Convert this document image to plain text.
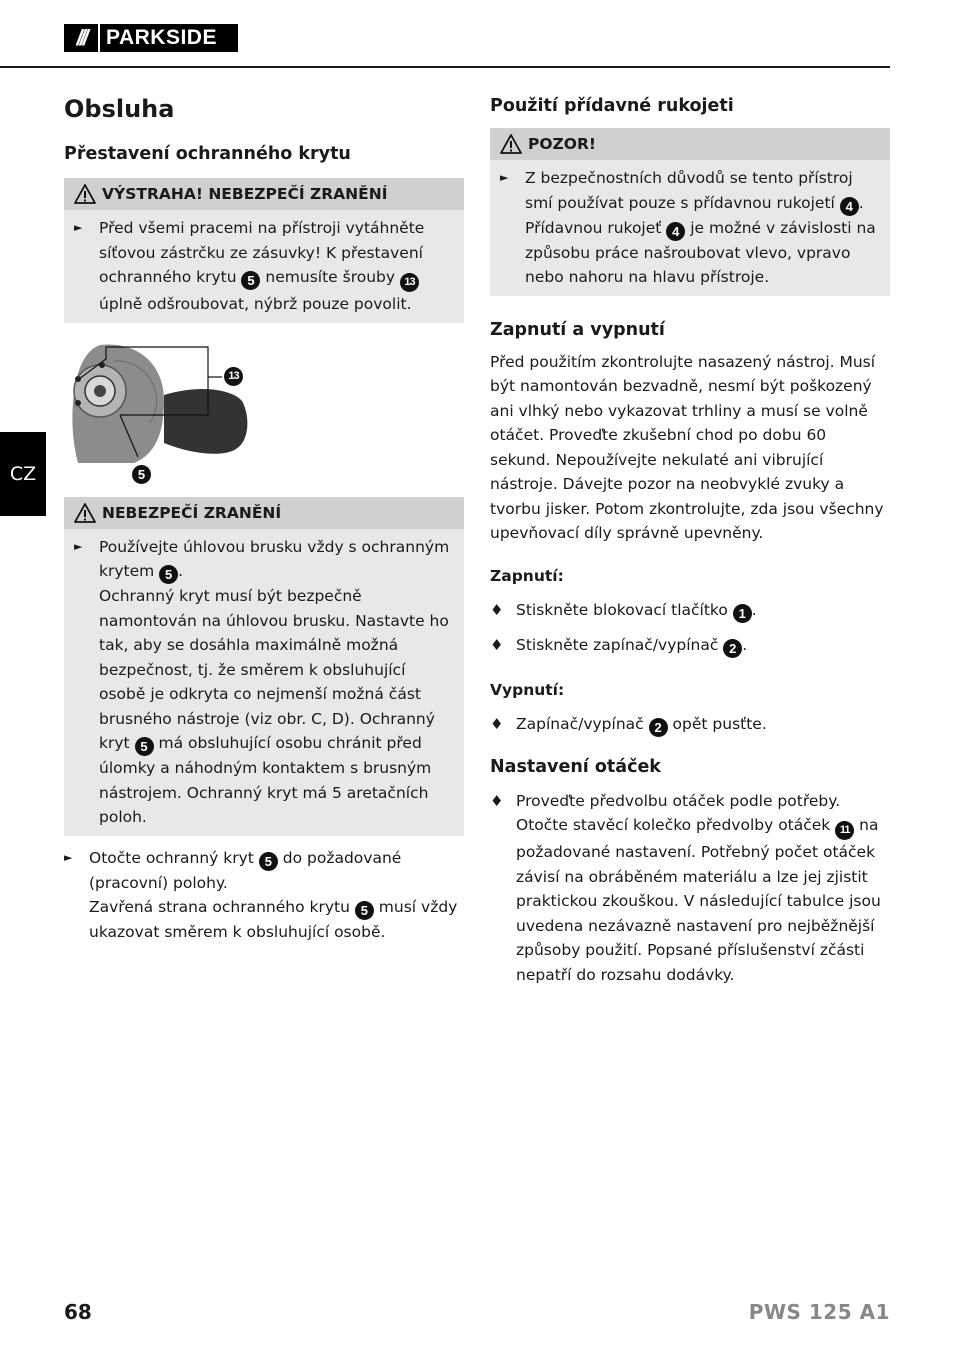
/// PARKSIDE
CZ
Obsluha
Přestavení ochranného krytu
VÝSTRAHA! NEBEZPEČÍ ZRANĚNÍ
►	Před všemi pracemi na přístroji vytáhněte síťovou zástrčku ze zásuvky! K přestavení ochranného krytu 5 nemusíte šrouby 13 úplně odšroubovat, nýbrž pouze povolit.
13
5
NEBEZPEČÍ ZRANĚNÍ
►	Používejte úhlovou brusku vždy s ochranným krytem 5 .
Ochranný kryt musí být bezpečně namontován na úhlovou brusku. Nastavte ho tak, aby se dosáhla maximálně možná bezpečnost, tj. že směrem k obsluhující osobě je odkryta co nejmenší možná část brusného nástroje (viz obr. C, D). Ochranný kryt 5 má obsluhující osobu chránit před úlomky a náhodným kontaktem s brusným nástrojem. Ochranný kryt má 5 aretačních poloh.
►	Otočte ochranný kryt 5 do požadované (pracovní) polohy.
Zavřená strana ochranného krytu 5 musí vždy ukazovat směrem k obsluhující osobě.
Použití přídavné rukojeti
POZOR!
►	Z bezpečnostních důvodů se tento přístroj smí používat pouze s přídavnou rukojetí 4 . Přídavnou rukojeť 4 je možné v závislosti na způsobu práce našroubovat vlevo, vpravo nebo nahoru na hlavu přístroje.
Zapnutí a vypnutí

Před použitím zkontrolujte nasazený nástroj. Musí být namontován bezvadně, nesmí být poškozený ani vlhký nebo vykazovat trhliny a musí se volně otáčet. Proveďte zkušební chod po dobu 60 sekund. Nepoužívejte nekulaté ani vibrující nástroje. Dávejte pozor na neobvyklé zvuky a tvorbu jisker. Potom zkontrolujte, zda jsou všechny upevňovací díly správně upevněny.

Zapnutí:
♦ Stiskněte blokovací tlačítko 1 .
♦ Stiskněte zapínač/vypínač 2 .
Vypnutí:
♦ Zapínač/vypínač 2 opět pusťte.
Nastavení otáček
♦ Proveďte předvolbu otáček podle potřeby. Otočte stavěcí kolečko předvolby otáček 11 na požadované nastavení. Potřebný počet otáček závisí na obráběném materiálu a lze jej zjistit praktickou zkouškou. V následující tabulce jsou uvedena nezávazně nastavení pro nejběžnější způsoby použití. Popsané příslušenství zčásti nepatří do rozsahu dodávky.
68	PWS 125 A1
